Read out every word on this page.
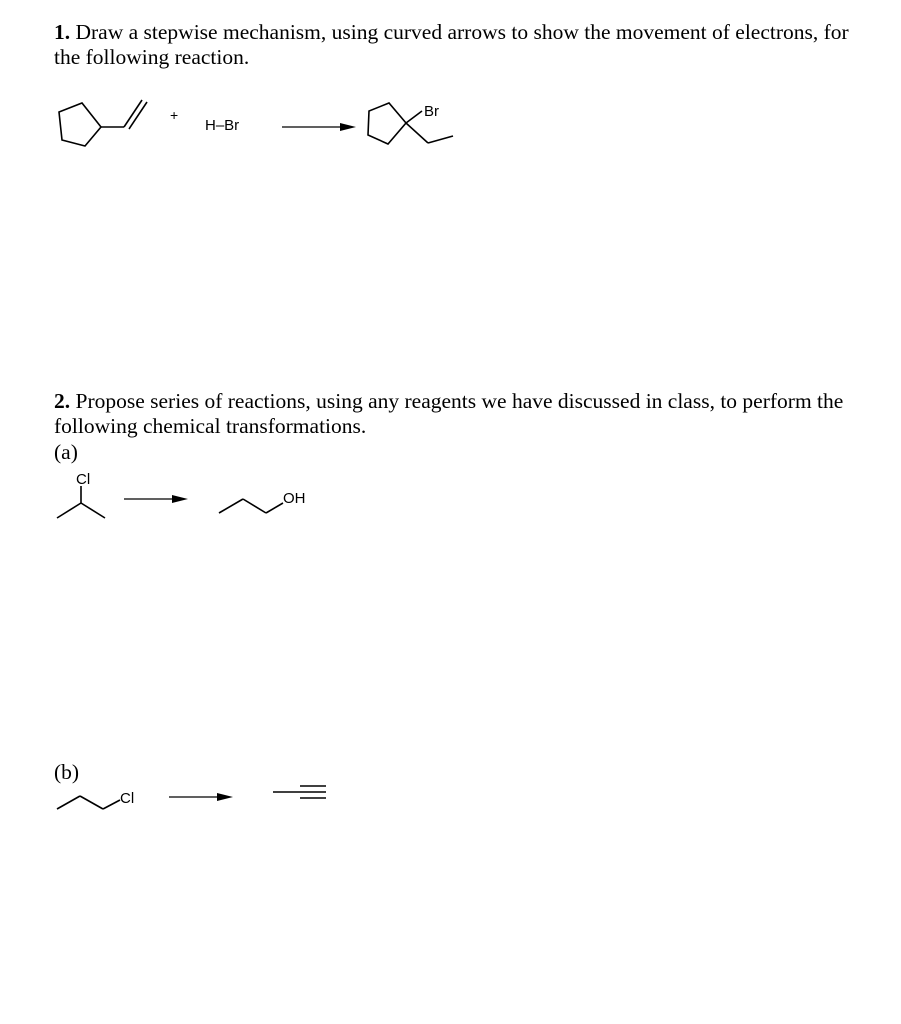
1. Draw a stepwise mechanism, using curved arrows to show the movement of electrons, for the following reaction.
+
H–Br
Br
Cl
OH
Cl
2. Propose series of reactions, using any reagents we have discussed in class, to perform the following chemical transformations.
(a)
(b)
